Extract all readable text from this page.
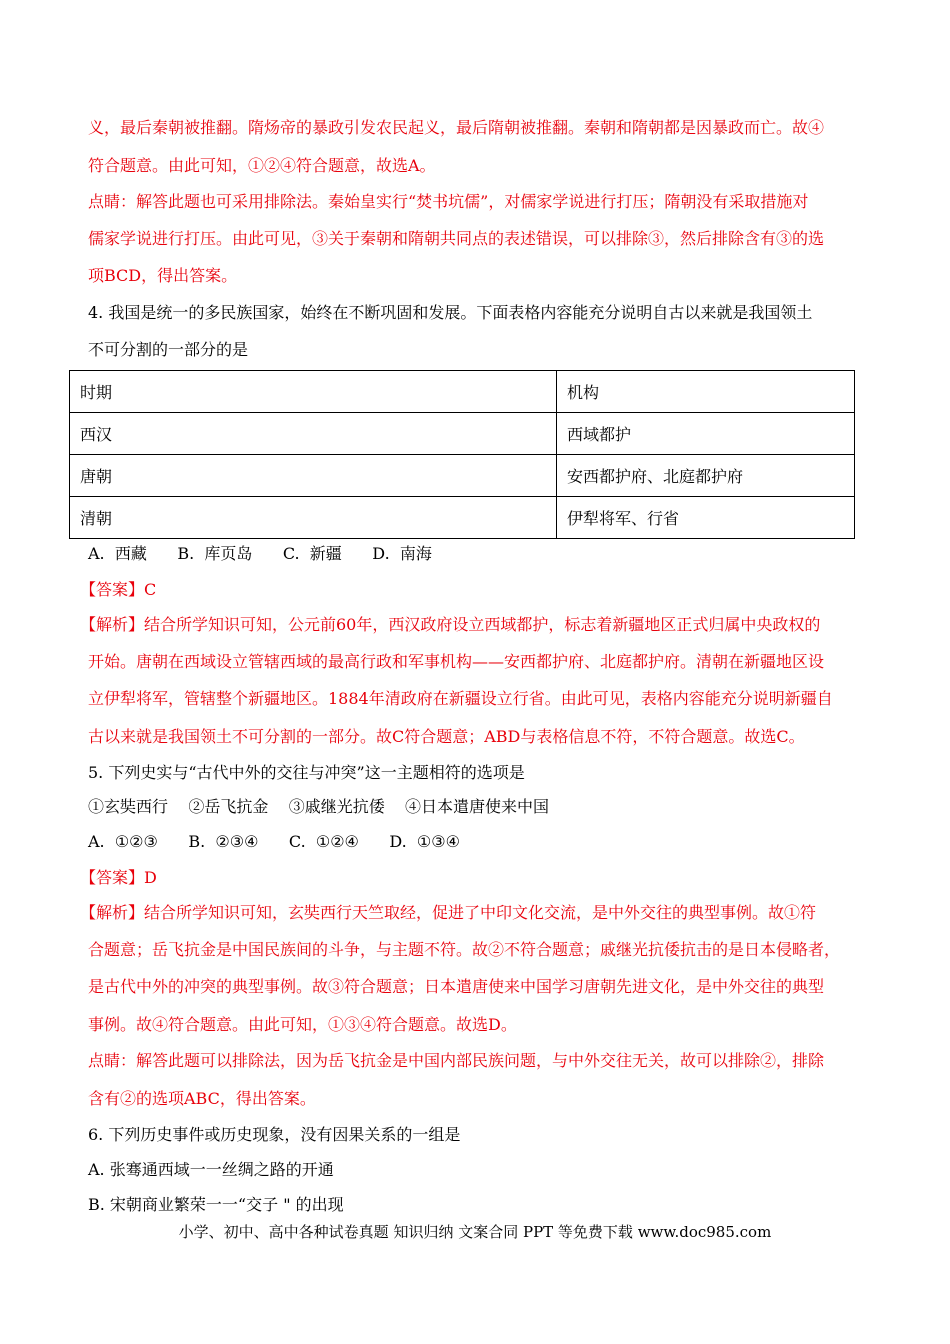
义，最后秦朝被推翻。隋炀帝的暴政引发农民起义，最后隋朝被推翻。秦朝和隋朝都是因暴政而亡。故④
符合题意。由此可知，①②④符合题意，故选A。
点睛：解答此题也可采用排除法。秦始皇实行“焚书坑儒”，对儒家学说进行打压；隋朝没有采取措施对
儒家学说进行打压。由此可见，③关于秦朝和隋朝共同点的表述错误，可以排除③，然后排除含有③的选
项BCD，得出答案。
4. 我国是统一的多民族国家，始终在不断巩固和发展。下面表格内容能充分说明自古以来就是我国领土
不可分割的一部分的是
时期	机构
西汉	西域都护
唐朝	安西都护府、北庭都护府
清朝	伊犁将军、行省
A.  西藏      B.  库页岛      C.  新疆      D.  南海
【答案】C
【解析】结合所学知识可知，公元前60年，西汉政府设立西域都护，标志着新疆地区正式归属中央政权的
开始。唐朝在西域设立管辖西域的最高行政和军事机构——安西都护府、北庭都护府。清朝在新疆地区设
立伊犁将军，管辖整个新疆地区。1884年清政府在新疆设立行省。由此可见，表格内容能充分说明新疆自
古以来就是我国领土不可分割的一部分。故C符合题意；ABD与表格信息不符，不符合题意。故选C。
5. 下列史实与“古代中外的交往与冲突”这一主题相符的选项是
①玄奘西行    ②岳飞抗金    ③戚继光抗倭    ④日本遣唐使来中国
A.  ①②③      B.  ②③④      C.  ①②④      D.  ①③④
【答案】D
【解析】结合所学知识可知，玄奘西行天竺取经，促进了中印文化交流，是中外交往的典型事例。故①符
合题意；岳飞抗金是中国民族间的斗争，与主题不符。故②不符合题意；戚继光抗倭抗击的是日本侵略者，
是古代中外的冲突的典型事例。故③符合题意；日本遣唐使来中国学习唐朝先进文化，是中外交往的典型
事例。故④符合题意。由此可知，①③④符合题意。故选D。
点睛：解答此题可以排除法，因为岳飞抗金是中国内部民族问题，与中外交往无关，故可以排除②，排除
含有②的选项ABC，得出答案。
6. 下列历史事件或历史现象，没有因果关系的一组是
A. 张骞通西域一一丝绸之路的开通
B. 宋朝商业繁荣一一“交子 " 的出现
小学、初中、高中各种试卷真题 知识归纳 文案合同 PPT 等免费下载 www.doc985.com
